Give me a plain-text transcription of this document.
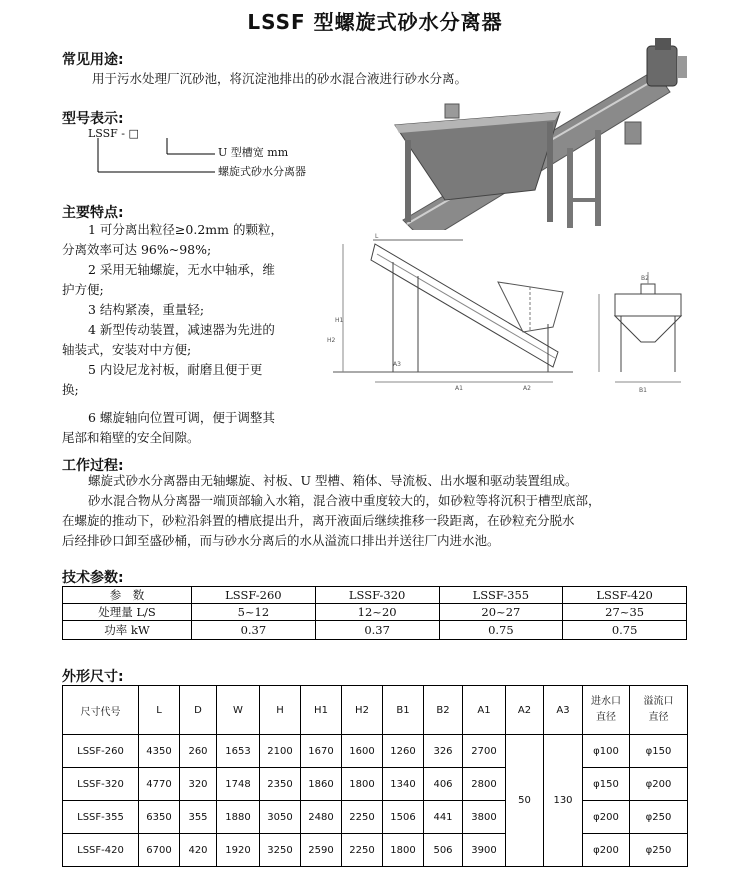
LSSF 型螺旋式砂水分离器
常见用途:
用于污水处理厂沉砂池，将沉淀池排出的砂水混合液进行砂水分离。
型号表示:
LSSF - □
U 型槽宽 mm
螺旋式砂水分离器
主要特点:
1 可分离出粒径≥0.2mm 的颗粒，
分离效率可达 96%~98%;
2 采用无轴螺旋，无水中轴承，维
护方便;
3 结构紧凑，重量轻;
4 新型传动装置，减速器为先进的
轴装式，安装对中方便;
5 内设尼龙衬板，耐磨且便于更
换;
6 螺旋轴向位置可调，便于调整其
尾部和箱壁的安全间隙。
H1
H2
A3
A1	A2
L
B1
B2
工作过程:
螺旋式砂水分离器由无轴螺旋、衬板、U 型槽、箱体、导流板、出水堰和驱动装置组成。
砂水混合物从分离器一端顶部输入水箱，混合液中重度较大的，如砂粒等将沉积于槽型底部，
在螺旋的推动下，砂粒沿斜置的槽底提出升，离开液面后继续推移一段距离，在砂粒充分脱水
后经排砂口卸至盛砂桶，而与砂水分离后的水从溢流口排出并送往厂内进水池。
技术参数:
参　数	LSSF-260	LSSF-320	LSSF-355	LSSF-420
处理量 L/S	5~12	12~20	20~27	27~35
功率 kW	0.37	0.37	0.75	0.75
外形尺寸:
尺寸代号	L	D	W	H	H1	H2	B1	B2	A1	A2	A3	进水口
直径	溢流口
直径
LSSF-260	4350	260	1653	2100	1670	1600	1260	326	2700	50	130	φ100	φ150
LSSF-320	4770	320	1748	2350	1860	1800	1340	406	2800			φ150	φ200
LSSF-355	6350	355	1880	3050	2480	2250	1506	441	3800			φ200	φ250
LSSF-420	6700	420	1920	3250	2590	2250	1800	506	3900			φ200	φ250
